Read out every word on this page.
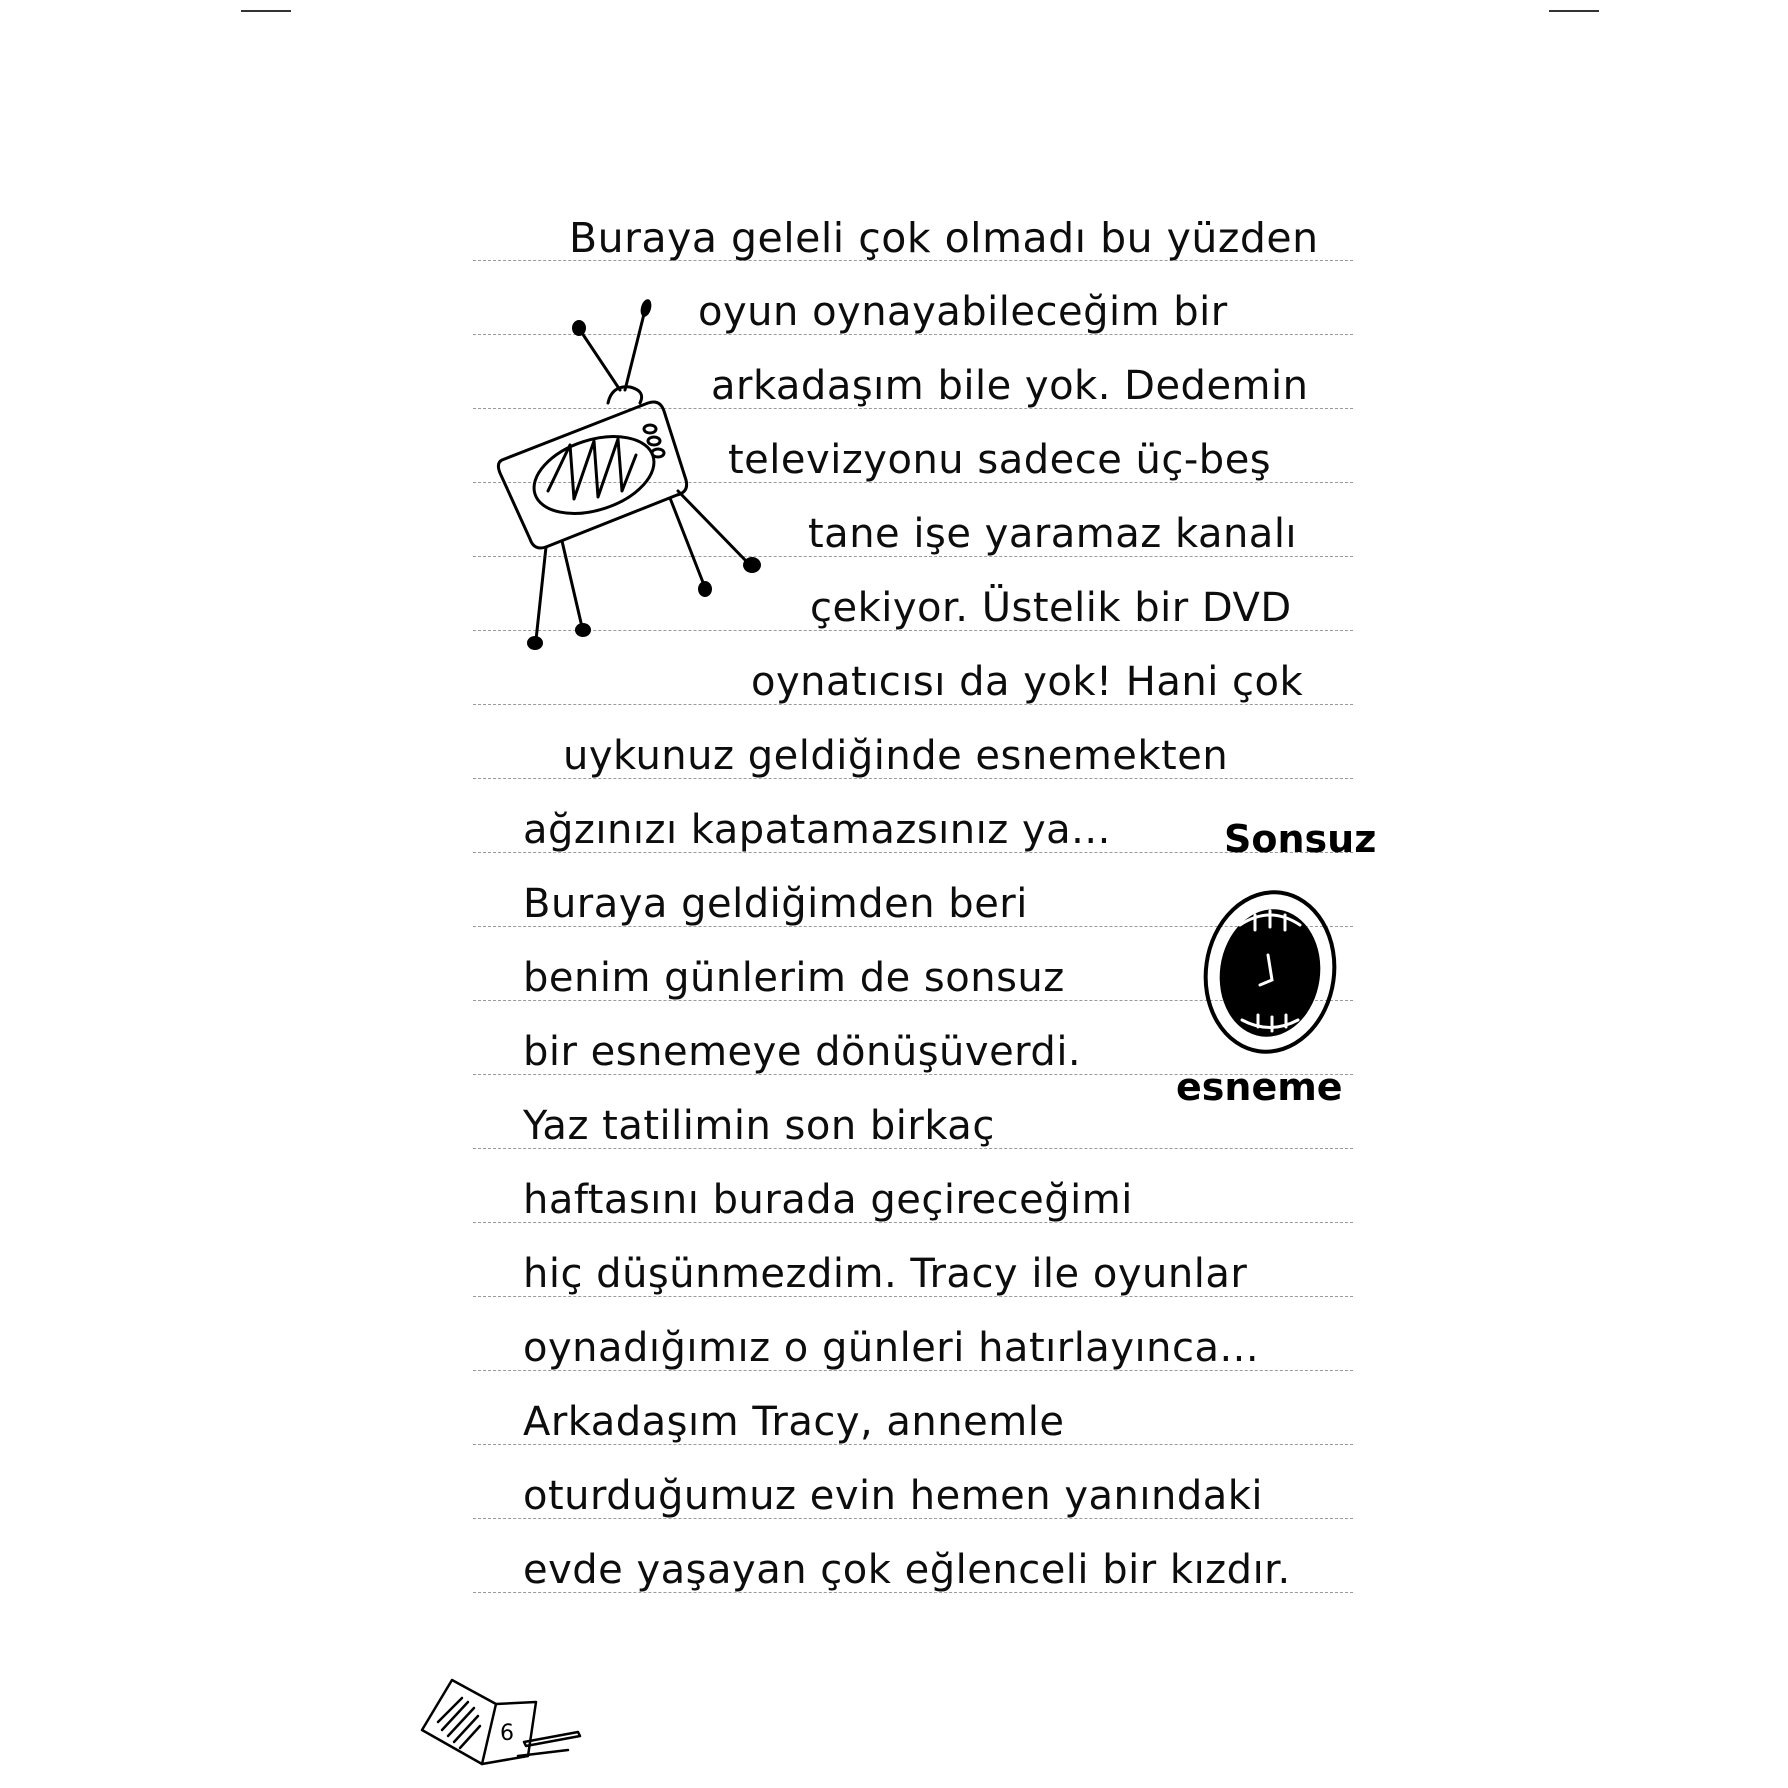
Buraya geleli çok olmadı bu yüzden
oyun oynayabileceğim bir
arkadaşım bile yok. Dedemin
televizyonu sadece üç-beş
tane işe yaramaz kanalı
çekiyor. Üstelik bir DVD
oynatıcısı da yok! Hani çok
uykunuz geldiğinde esnemekten
ağzınızı kapatamazsınız ya...
Buraya geldiğimden beri
benim günlerim de sonsuz
bir esnemeye dönüşüverdi.
Yaz tatilimin son birkaç
haftasını burada geçireceğimi
hiç düşünmezdim. Tracy ile oyunlar
oynadığımız o günleri hatırlayınca...
Arkadaşım Tracy, annemle
oturduğumuz evin hemen yanındaki
evde yaşayan çok eğlenceli bir kızdır.
Sonsuz
esneme
6
